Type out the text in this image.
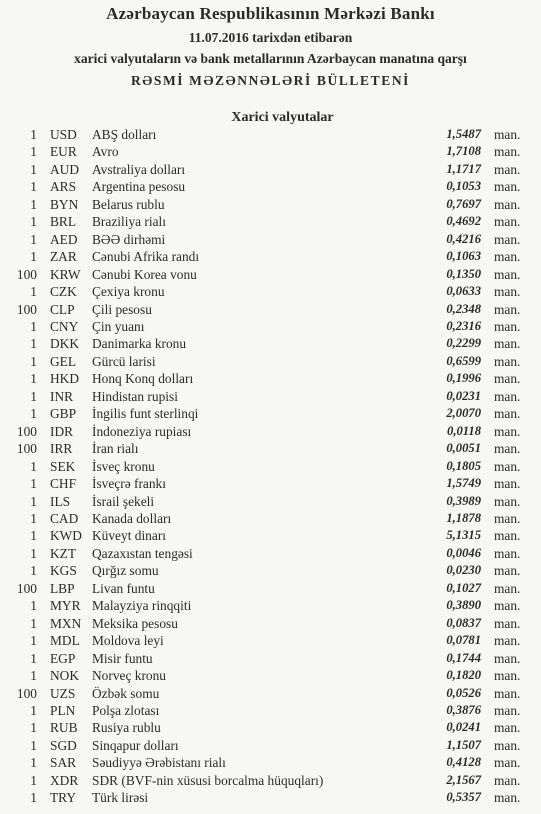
Azərbaycan Respublikasının Mərkəzi Bankı
11.07.2016 tarixdən etibarən
xarici valyutaların və bank metallarının Azərbaycan manatına qarşı
RƏSMİ MƏZƏNNƏLƏRİ BÜLLETENİ
Xarici valyutalar
1 USD ABŞ dolları	1,5487 man.
1 EUR Avro	1,7108 man.
1 AUD Avstraliya dolları	1,1717 man.
1 ARS Argentina pesosu	0,1053 man.
1 BYN Belarus rublu	0,7697 man.
1 BRL Braziliya rialı	0,4692 man.
1 AED BƏƏ dirhəmi	0,4216 man.
1 ZAR Cənubi Afrika randı	0,1063 man.
100 KRW Cənubi Korea vonu	0,1350 man.
1 CZK Çexiya kronu	0,0633 man.
100 CLP Çili pesosu	0,2348 man.
1 CNY Çin yuanı	0,2316 man.
1 DKK Danimarka kronu	0,2299 man.
1 GEL Gürcü larisi	0,6599 man.
1 HKD Honq Konq dolları	0,1996 man.
1 INR Hindistan rupisi	0,0231 man.
1 GBP İngilis funt sterlinqi	2,0070 man.
100 IDR İndoneziya rupiası	0,0118 man.
100 IRR İran rialı	0,0051 man.
1 SEK İsveç kronu	0,1805 man.
1 CHF İsveçrə frankı	1,5749 man.
1 ILS İsrail şekeli	0,3989 man.
1 CAD Kanada dolları	1,1878 man.
1 KWD Küveyt dinarı	5,1315 man.
1 KZT Qazaxıstan tengəsi	0,0046 man.
1 KGS Qırğız somu	0,0230 man.
100 LBP Livan funtu	0,1027 man.
1 MYR Malayziya rinqqiti	0,3890 man.
1 MXN Meksika pesosu	0,0837 man.
1 MDL Moldova leyi	0,0781 man.
1 EGP Misir funtu	0,1744 man.
1 NOK Norveç kronu	0,1820 man.
100 UZS Özbək somu	0,0526 man.
1 PLN Polşa zlotası	0,3876 man.
1 RUB Rusiya rublu	0,0241 man.
1 SGD Sinqapur dolları	1,1507 man.
1 SAR Səudiyyə Ərəbistanı rialı	0,4128 man.
1 XDR SDR (BVF-nin xüsusi borcalma hüquqları)	2,1567 man.
1 TRY Türk lirəsi	0,5357 man.
